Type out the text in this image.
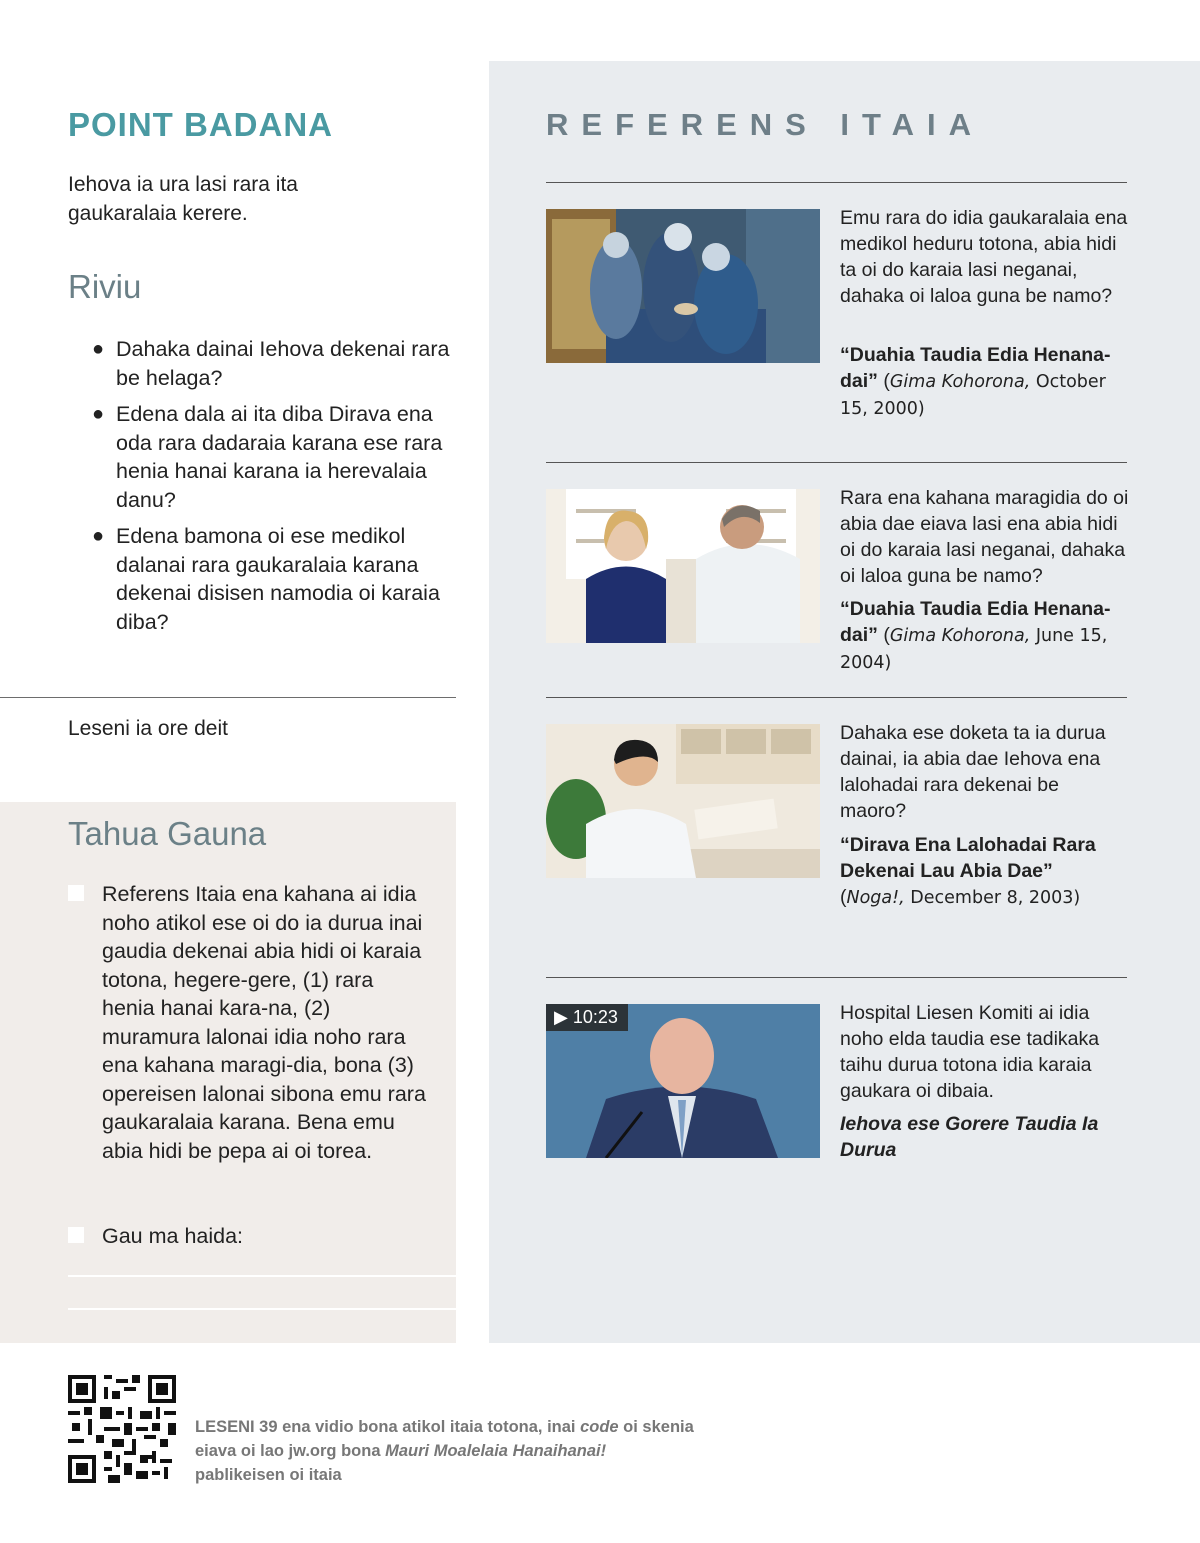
POINT BADANA
Iehova ia ura lasi rara ita gaukaralaia kerere.
Riviu
● Dahaka dainai Iehova dekenai rara be helaga?
● Edena dala ai ita diba Dirava ena oda rara dadaraia karana ese rara henia hanai karana ia herevalaia danu?
● Edena bamona oi ese medikol dalanai rara gaukaralaia karana dekenai disisen namodia oi karaia diba?
Leseni ia ore deit
Tahua Gauna
Referens Itaia ena kahana ai idia noho atikol ese oi do ia durua inai gaudia dekenai abia hidi oi karaia totona, hegere-gere, (1) rara henia hanai kara-na, (2) muramura lalonai idia noho rara ena kahana maragi-dia, bona (3) opereisen lalonai sibona emu rara gaukaralaia karana. Bena emu abia hidi be pepa ai oi torea.
Gau ma haida:
REFERENS ITAIA
Emu rara do idia gaukaralaia ena medikol heduru totona, abia hidi ta oi do karaia lasi neganai, dahaka oi laloa guna be namo?
“Duahia Taudia Edia Henana-dai” (Gima Kohorona, October 15, 2000)
Rara ena kahana maragidia do oi abia dae eiava lasi ena abia hidi oi do karaia lasi neganai, dahaka oi laloa guna be namo?
“Duahia Taudia Edia Henana-dai” (Gima Kohorona, June 15, 2004)
Dahaka ese doketa ta ia durua dainai, ia abia dae Iehova ena lalohadai rara dekenai be maoro?
“Dirava Ena Lalohadai Rara Dekenai Lau Abia Dae”
(Noga!, December 8, 2003)
▶ 10:23	Hospital Liesen Komiti ai idia noho elda taudia ese tadikaka taihu durua totona idia karaia gaukara oi dibaia.
Iehova ese Gorere Taudia Ia Durua
LESENI 39 ena vidio bona atikol itaia totona, inai code oi skenia eiava oi lao jw.org bona Mauri Moalelaia Hanaihanai!
pablikeisen oi itaia
